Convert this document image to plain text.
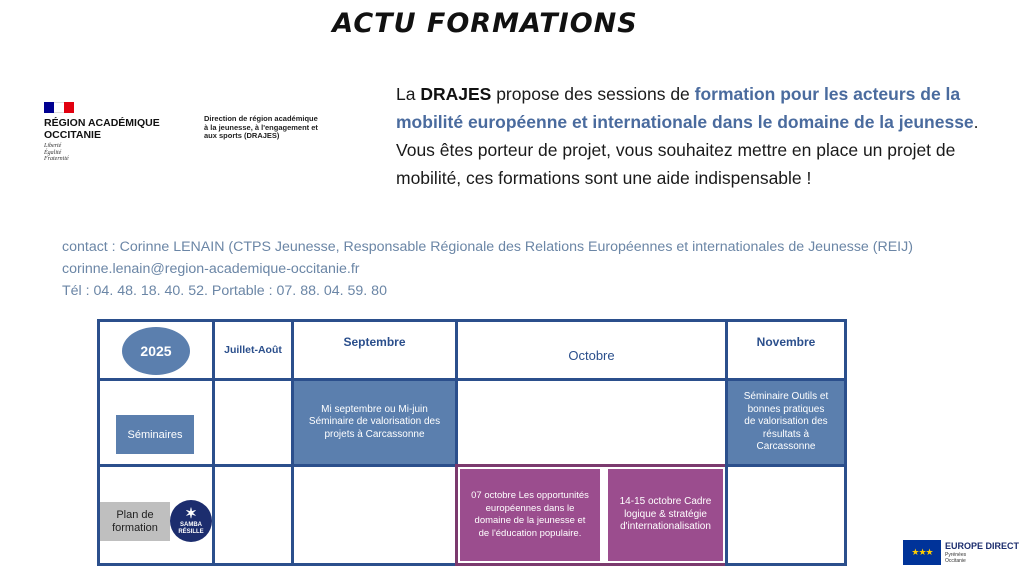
ACTU FORMATIONS
RÉGION ACADÉMIQUE
OCCITANIE
Liberté
Égalité
Fraternité
Direction de région académique
à la jeunesse, à l'engagement et
aux sports (DRAJES)
La DRAJES propose des sessions de formation pour les acteurs de la mobilité européenne et internationale dans le domaine de la jeunesse. Vous êtes porteur de projet, vous souhaitez mettre en place un projet de mobilité, ces formations sont une aide indispensable !
contact : Corinne LENAIN (CTPS Jeunesse, Responsable Régionale des Relations Européennes et internationales de Jeunesse (REIJ)
corinne.lenain@region-academique-occitanie.fr
Tél : 04. 48. 18. 40. 52. Portable : 07. 88. 04. 59. 80
2025	Juillet-Août
Septembre
Octobre
Novembre
Séminaires
Mi septembre ou Mi-juin Séminaire de valorisation des projets à Carcassonne
Séminaire Outils et bonnes pratiques de valorisation des résultats à Carcassonne
Plan de formation
✶
SAMBA RÉSILLE
07 octobre Les opportunités européennes dans le domaine de la jeunesse et de l'éducation populaire.
14-15 octobre Cadre logique & stratégie d'internationalisation
★★★
EUROPE DIRECT
Pyrénées
Occitanie
